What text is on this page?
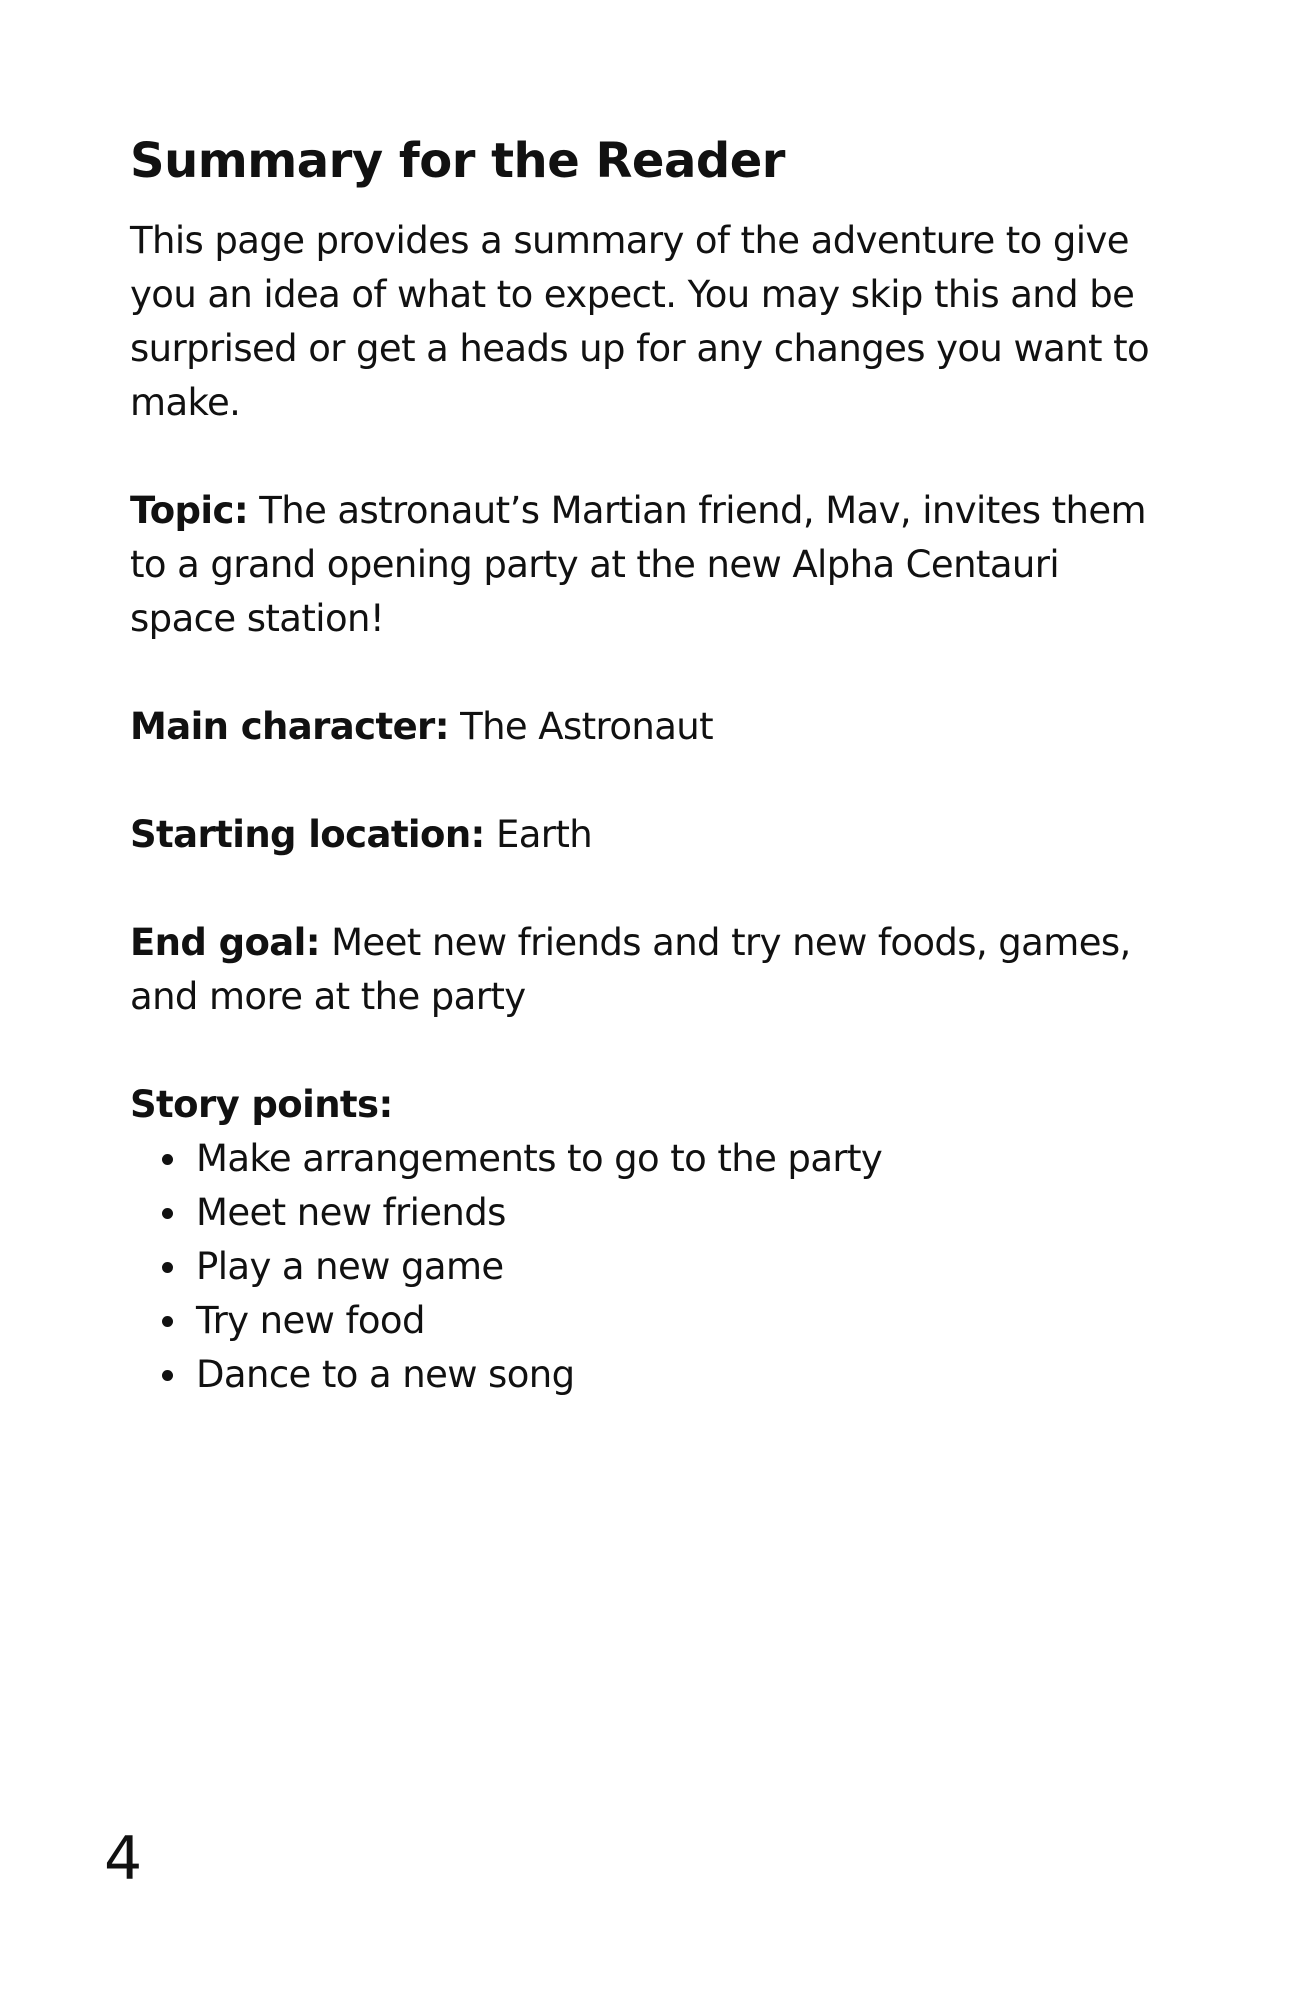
Summary for the Reader

This page provides a summary of the adventure to give you an idea of what to expect. You may skip this and be surprised or get a heads up for any changes you want to make.

Topic: The astronaut’s Martian friend, Mav, invites them to a grand opening party at the new Alpha Centauri space station!

Main character: The Astronaut

Starting location: Earth

End goal: Meet new friends and try new foods, games, and more at the party

Story points:

Make arrangements to go to the party
Meet new friends
Play a new game
Try new food
Dance to a new song
4
